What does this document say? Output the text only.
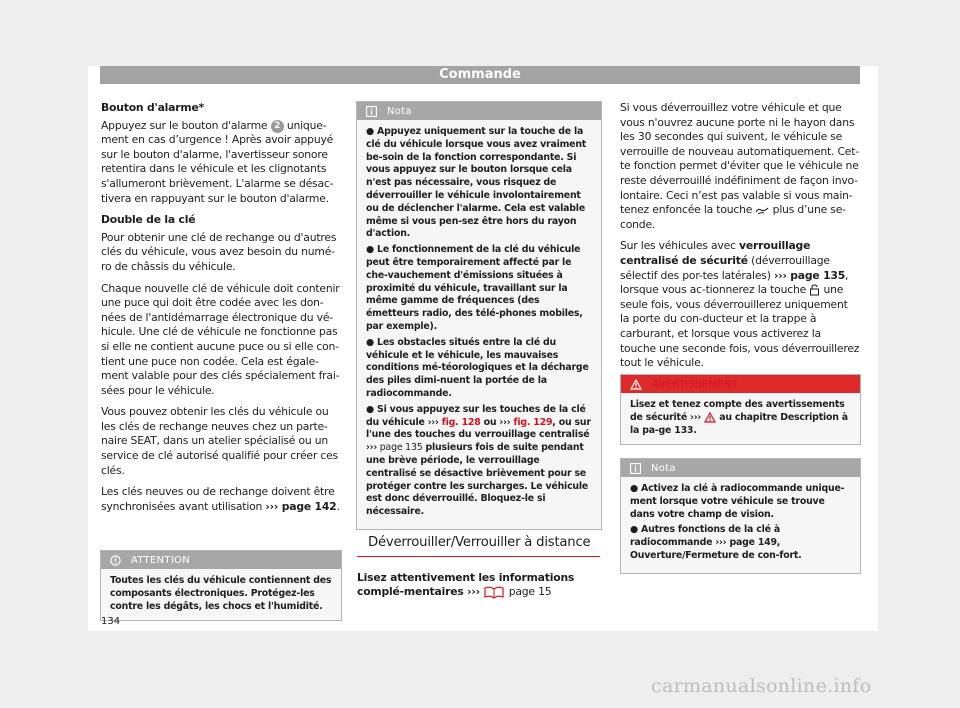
Commande

Bouton d'alarme*

Appuyez sur le bouton d'alarme 2 unique-ment en cas d’urgence ! Après avoir appuyé sur le bouton d'alarme, l'avertisseur sonore retentira dans le véhicule et les clignotants s'allumeront brièvement. L'alarme se désac-tivera en rappuyant sur le bouton d'alarme.

Double de la clé

Pour obtenir une clé de rechange ou d'autres clés du véhicule, vous avez besoin du numé-ro de châssis du véhicule.

Chaque nouvelle clé de véhicule doit contenir une puce qui doit être codée avec les don-nées de l'antidémarrage électronique du vé-hicule. Une clé de véhicule ne fonctionne pas si elle ne contient aucune puce ou si elle con-tient une puce non codée. Cela est égale-ment valable pour des clés spécialement frai-sées pour le véhicule.

Vous pouvez obtenir les clés du véhicule ou les clés de rechange neuves chez un parte-naire SEAT, dans un atelier spécialisé ou un service de clé autorisé qualifié pour créer ces clés.

Les clés neuves ou de rechange doivent être synchronisées avant utilisation ››› page 142.

ATTENTION
Toutes les clés du véhicule contiennent des composants électroniques. Protégez-les contre les dégâts, les chocs et l'humidité.
Nota

● Appuyez uniquement sur la touche de la clé du véhicule lorsque vous avez vraiment be-soin de la fonction correspondante. Si vous appuyez sur le bouton lorsque cela n'est pas nécessaire, vous risquez de déverrouiller le véhicule involontairement ou de déclencher l'alarme. Cela est valable même si vous pen-sez être hors du rayon d'action.

● Le fonctionnement de la clé du véhicule peut être temporairement affecté par le che-vauchement d'émissions situées à proximité du véhicule, travaillant sur la même gamme de fréquences (des émetteurs radio, des télé-phones mobiles, par exemple).

● Les obstacles situés entre la clé du véhicule et le véhicule, les mauvaises conditions mé-téorologiques et la décharge des piles dimi-nuent la portée de la radiocommande.

● Si vous appuyez sur les touches de la clé du véhicule ››› fig. 128 ou ››› fig. 129, ou sur l'une des touches du verrouillage centralisé ››› page 135 plusieurs fois de suite pendant une brève période, le verrouillage centralisé se désactive brièvement pour se protéger contre les surcharges. Le véhicule est donc déverrouillé. Bloquez-le si nécessaire.

Déverrouiller/Verrouiller à distance

Lisez attentivement les informations complé-mentaires ›››  page 15

Si vous déverrouillez votre véhicule et que vous n'ouvrez aucune porte ni le hayon dans les 30 secondes qui suivent, le véhicule se verrouille de nouveau automatiquement. Cet-te fonction permet d'éviter que le véhicule ne reste déverrouillé indéfiniment de façon invo-lontaire. Ceci n’est pas valable si vous main-tenez enfoncée la touche  plus d’une se-conde.

Sur les véhicules avec verrouillage centralisé de sécurité (déverrouillage sélectif des por-tes latérales) ››› page 135, lorsque vous ac-tionnerez la touche  une seule fois, vous déverrouillerez uniquement la porte du con-ducteur et la trappe à carburant, et lorsque vous activerez la touche une seconde fois, vous déverrouillerez tout le véhicule.

AVERTISSEMENT
Lisez et tenez compte des avertissements de sécurité ›››  au chapitre Description à la pa-ge 133.
Nota

● Activez la clé à radiocommande unique-ment lorsque votre véhicule se trouve dans votre champ de vision.

● Autres fonctions de la clé à radiocommande ››› page 149, Ouverture/Fermeture de con-fort.

134
carmanualsonline.info
